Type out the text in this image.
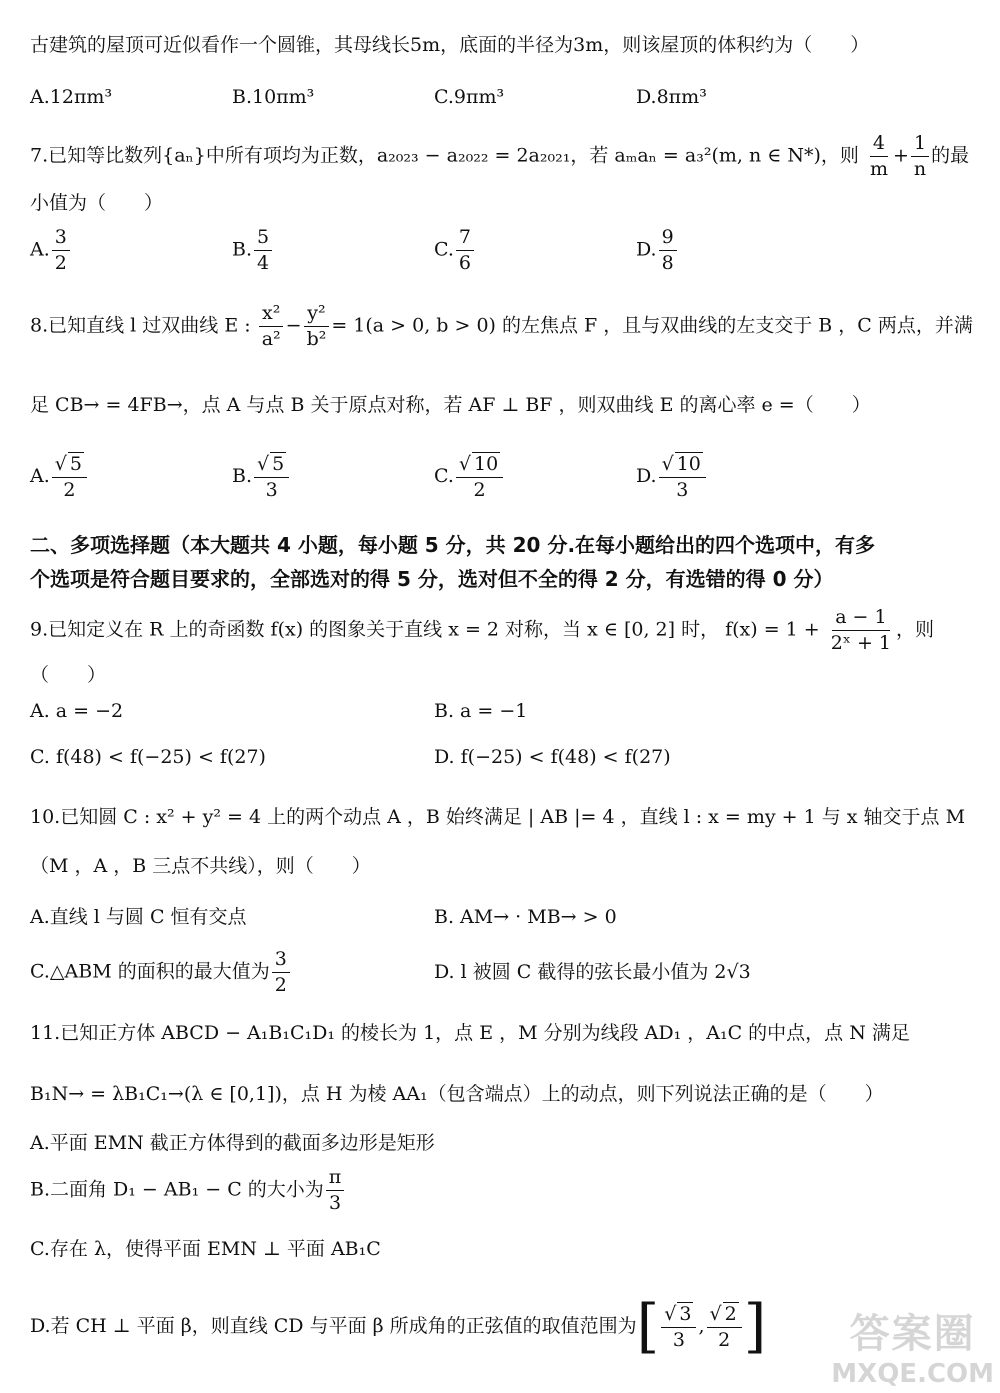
古建筑的屋顶可近似看作一个圆锥，其母线长5m，底面的半径为3m，则该屋顶的体积约为（　　）
A.12πm³	B.10πm³	C.9πm³	D.8πm³
7.已知等比数列{aₙ}中所有项均为正数，a₂₀₂₃ − a₂₀₂₂ = 2a₂₀₂₁，若 aₘaₙ = a₃²(m, n ∈ N*)，则 $\frac{4}{m} + \frac{1}{n}$ 的最
小值为（　　）
A. $\frac{3}{2}$	B. $\frac{5}{4}$	C. $\frac{7}{6}$	D. $\frac{9}{8}$
8.已知直线 l 过双曲线 E : $\frac{\text{x²}}{\text{a²}} - \frac{\text{y²}}{\text{b²}} = 1(a > 0$, b > 0) 的左焦点 F ，且与双曲线的左支交于 B ，C 两点，并满
足 CB→ = 4FB→，点 A 与点 B 关于原点对称，若 AF ⊥ BF ，则双曲线 E 的离心率 e =（　　）
A. $\frac{√ 5}{2}$	B. $\frac{√ 5}{3}$	C. $\frac{√ 10}{2}$	D. $\frac{√ 10}{3}$
二、多项选择题（本大题共 4 小题，每小题 5 分，共 20 分.在每小题给出的四个选项中，有多
个选项是符合题目要求的，全部选对的得 5 分，选对但不全的得 2 分，有选错的得 0 分）
9.已知定义在 R 上的奇函数 f(x) 的图象关于直线 x = 2 对称，当 x ∈ [0, 2] 时， $f(x) = 1 + \frac{a - 1}{\text{2ˣ + 1}}$ ，则
（　　）
A. a = −2	B. a = −1
C. f(48) < f(−25) < f(27)	D. f(−25) < f(48) < f(27)
10.已知圆 C : x² + y² = 4 上的两个动点 A ，B 始终满足 | AB |= 4 ，直线 l : x = my + 1 与 x 轴交于点 M
（M ，A ，B 三点不共线），则（　　）
A.直线 l 与圆 C 恒有交点	B. AM→ · MB→ > 0
C.△ABM 的面积的最大值为 $\frac{3}{2}$	D. l 被圆 C 截得的弦长最小值为 2√3
11.已知正方体 ABCD − A₁B₁C₁D₁ 的棱长为 1，点 E ，M 分别为线段 AD₁ ，A₁C 的中点，点 N 满足
B₁N→ = λB₁C₁→(λ ∈ [0,1])，点 H 为棱 AA₁（包含端点）上的动点，则下列说法正确的是（　　）
A.平面 EMN 截正方体得到的截面多边形是矩形
B.二面角 D₁ − AB₁ − C 的大小为 $\frac{\pi}{3}$
C.存在 λ，使得平面 EMN ⊥ 平面 AB₁C
D.若 CH ⊥ 平面 β，则直线 CD 与平面 β 所成角的正弦值的取值范围为[ $\frac{√ 3}{3}$ , $\frac{√ 2}{2}$ ]	答案圈
MXQE.COM
